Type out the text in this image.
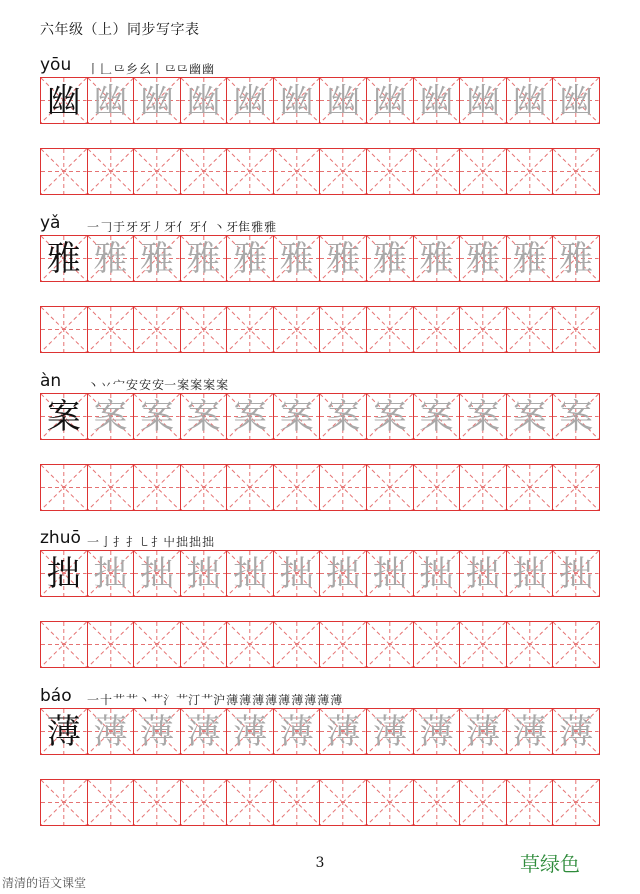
六年级（上）同步写字表
yōu 丨 𠃊 ⺋ 乡 幺丨 ⺋⺋ 幽 幽
幽 幽 幽 幽 幽 幽 幽 幽 幽 幽 幽 幽
yǎ 一 𠃌 于 牙 牙丿 牙亻 牙亻丶 牙隹 雅 雅
雅 雅 雅 雅 雅 雅 雅 雅 雅 雅 雅 雅
àn 丶 丷 宀 安 安 安一 案 案 案 案
案 案 案 案 案 案 案 案 案 案 案 案
zhuō 一 亅 扌 扌㇄ 扌屮 拙 拙 拙
拙 拙 拙 拙 拙 拙 拙 拙 拙 拙 拙 拙
báo 一 十 艹 艹丶 艹氵 艹汀 艹沪 薄 薄 薄 薄 薄 薄 薄 薄 薄
薄 薄 薄 薄 薄 薄 薄 薄 薄 薄 薄 薄
3	草绿色
清清的语文课堂
